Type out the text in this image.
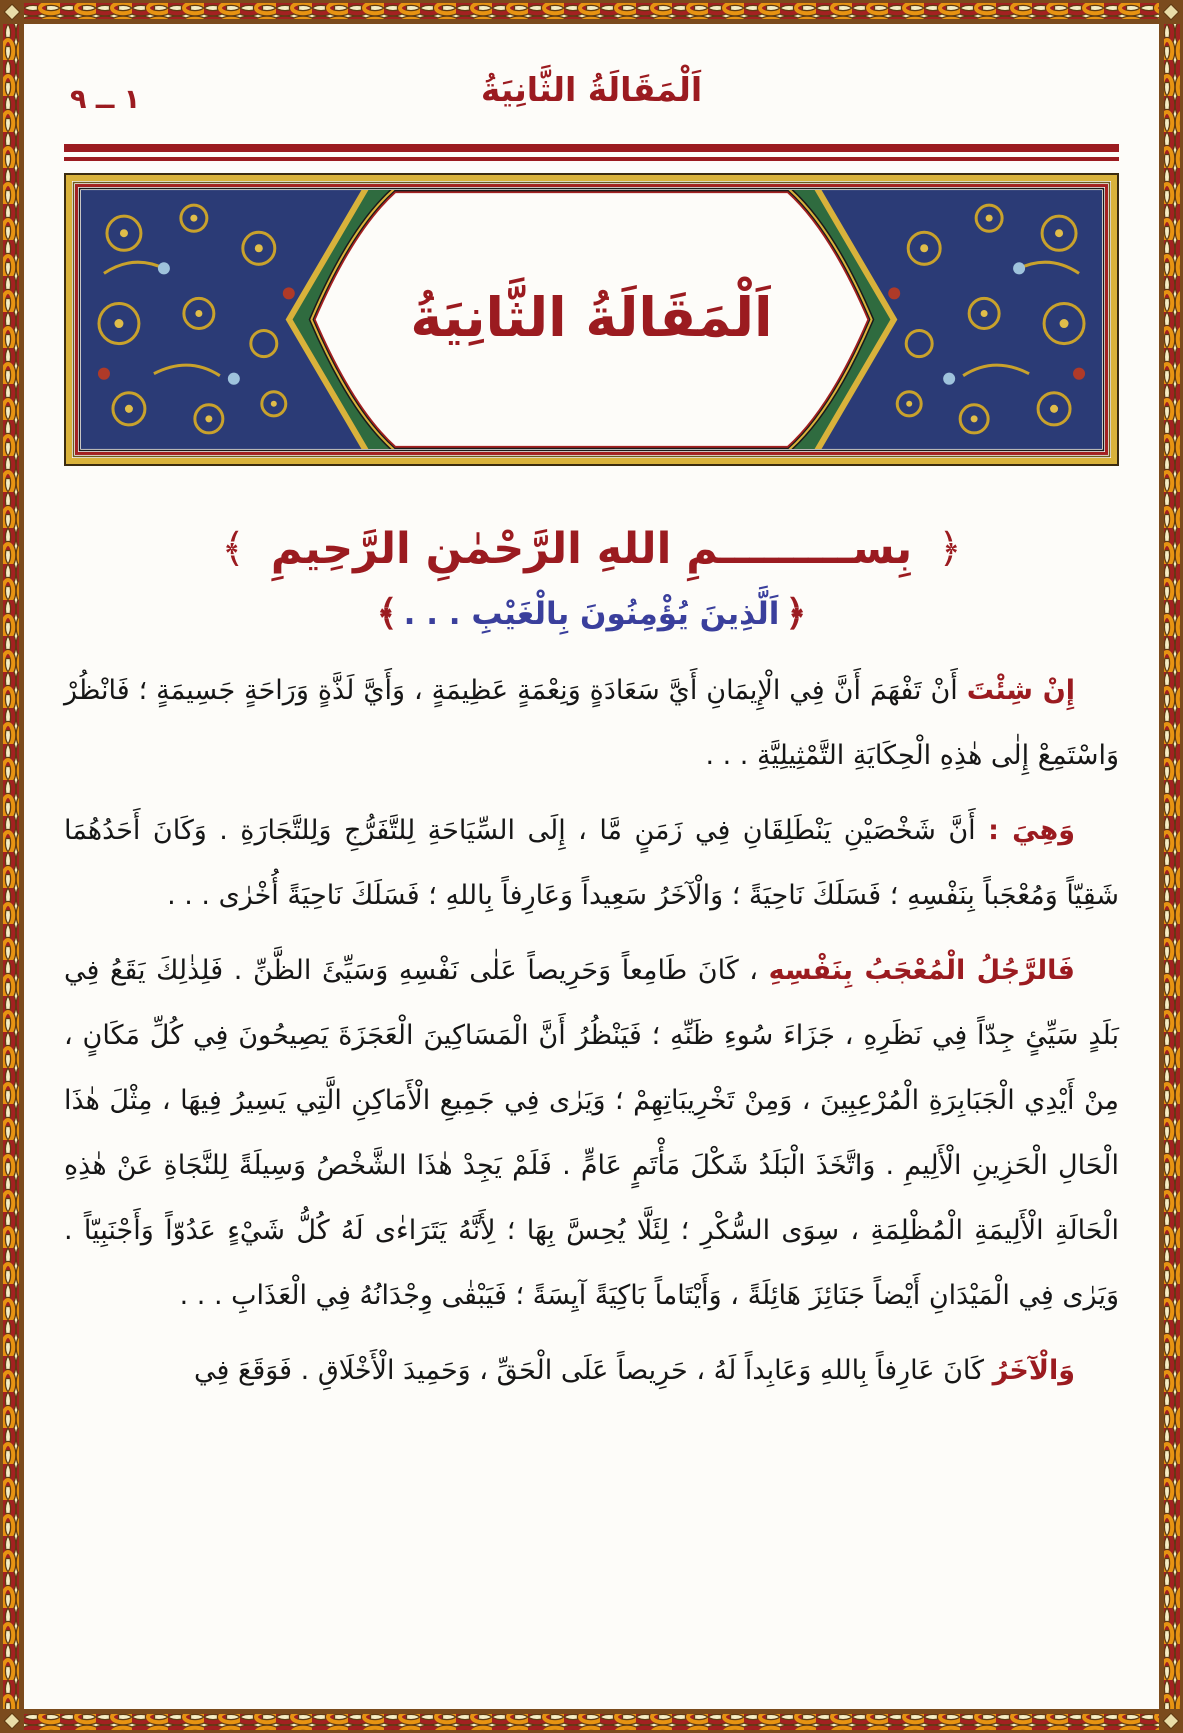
١ ــ ٩	اَلْمَقَالَةُ الثَّانِيَةُ
اَلْمَقَالَةُ الثَّانِيَةُ
﴿
بِســـــــــمِ اللهِ الرَّحْمٰنِ الرَّحِيمِ
﴾
﴿
اَلَّذِينَ يُؤْمِنُونَ بِالْغَيْبِ . . .
﴾

إِنْ شِئْتَ أَنْ تَفْهَمَ أَنَّ فِي الْإِيمَانِ أَيَّ سَعَادَةٍ وَنِعْمَةٍ عَظِيمَةٍ ، وَأَيَّ لَذَّةٍ وَرَاحَةٍ جَسِيمَةٍ ؛ فَانْظُرْ وَاسْتَمِعْ إِلٰى هٰذِهِ الْحِكَايَةِ التَّمْثِيلِيَّةِ . . .

وَهِيَ : أَنَّ شَخْصَيْنِ يَنْطَلِقَانِ فِي زَمَنٍ مَّا ، إِلَى السِّيَاحَةِ لِلتَّفَرُّجِ وَلِلتَّجَارَةِ . وَكَانَ أَحَدُهُمَا شَقِيّاً وَمُعْجَباً بِنَفْسِهِ ؛ فَسَلَكَ نَاحِيَةً ؛ وَالْآخَرُ سَعِيداً وَعَارِفاً بِاللهِ ؛ فَسَلَكَ نَاحِيَةً أُخْرٰى . . .

فَالرَّجُلُ الْمُعْجَبُ بِنَفْسِهِ ، كَانَ طَامِعاً وَحَرِيصاً عَلٰى نَفْسِهِ وَسَيِّئَ الظَّنِّ . فَلِذٰلِكَ يَقَعُ فِي بَلَدٍ سَيِّئٍ جِدّاً فِي نَظَرِهِ ، جَزَاءَ سُوءِ ظَنِّهِ ؛ فَيَنْظُرُ أَنَّ الْمَسَاكِينَ الْعَجَزَةَ يَصِيحُونَ فِي كُلِّ مَكَانٍ ، مِنْ أَيْدِي الْجَبَابِرَةِ الْمُرْعِبِينَ ، وَمِنْ تَخْرِيبَاتِهِمْ ؛ وَيَرٰى فِي جَمِيعِ الْأَمَاكِنِ الَّتِي يَسِيرُ فِيهَا ، مِثْلَ هٰذَا الْحَالِ الْحَزِينِ الْأَلِيمِ . وَاتَّخَذَ الْبَلَدُ شَكْلَ مَأْتَمٍ عَامٍّ . فَلَمْ يَجِدْ هٰذَا الشَّخْصُ وَسِيلَةً لِلنَّجَاةِ عَنْ هٰذِهِ الْحَالَةِ الْأَلِيمَةِ الْمُظْلِمَةِ ، سِوَى السُّكْرِ ؛ لِئَلَّا يُحِسَّ بِهَا ؛ لِأَنَّهُ يَتَرَاءٰى لَهُ كُلُّ شَيْءٍ عَدُوّاً وَأَجْنَبِيّاً . وَيَرٰى فِي الْمَيْدَانِ أَيْضاً جَنَائِزَ هَائِلَةً ، وَأَيْتَاماً بَاكِيَةً آيِسَةً ؛ فَيَبْقٰى وِجْدَانُهُ فِي الْعَذَابِ . . .

وَالْآخَرُ كَانَ عَارِفاً بِاللهِ وَعَابِداً لَهُ ، حَرِيصاً عَلَى الْحَقِّ ، وَحَمِيدَ الْأَخْلَاقِ . فَوَقَعَ فِي
